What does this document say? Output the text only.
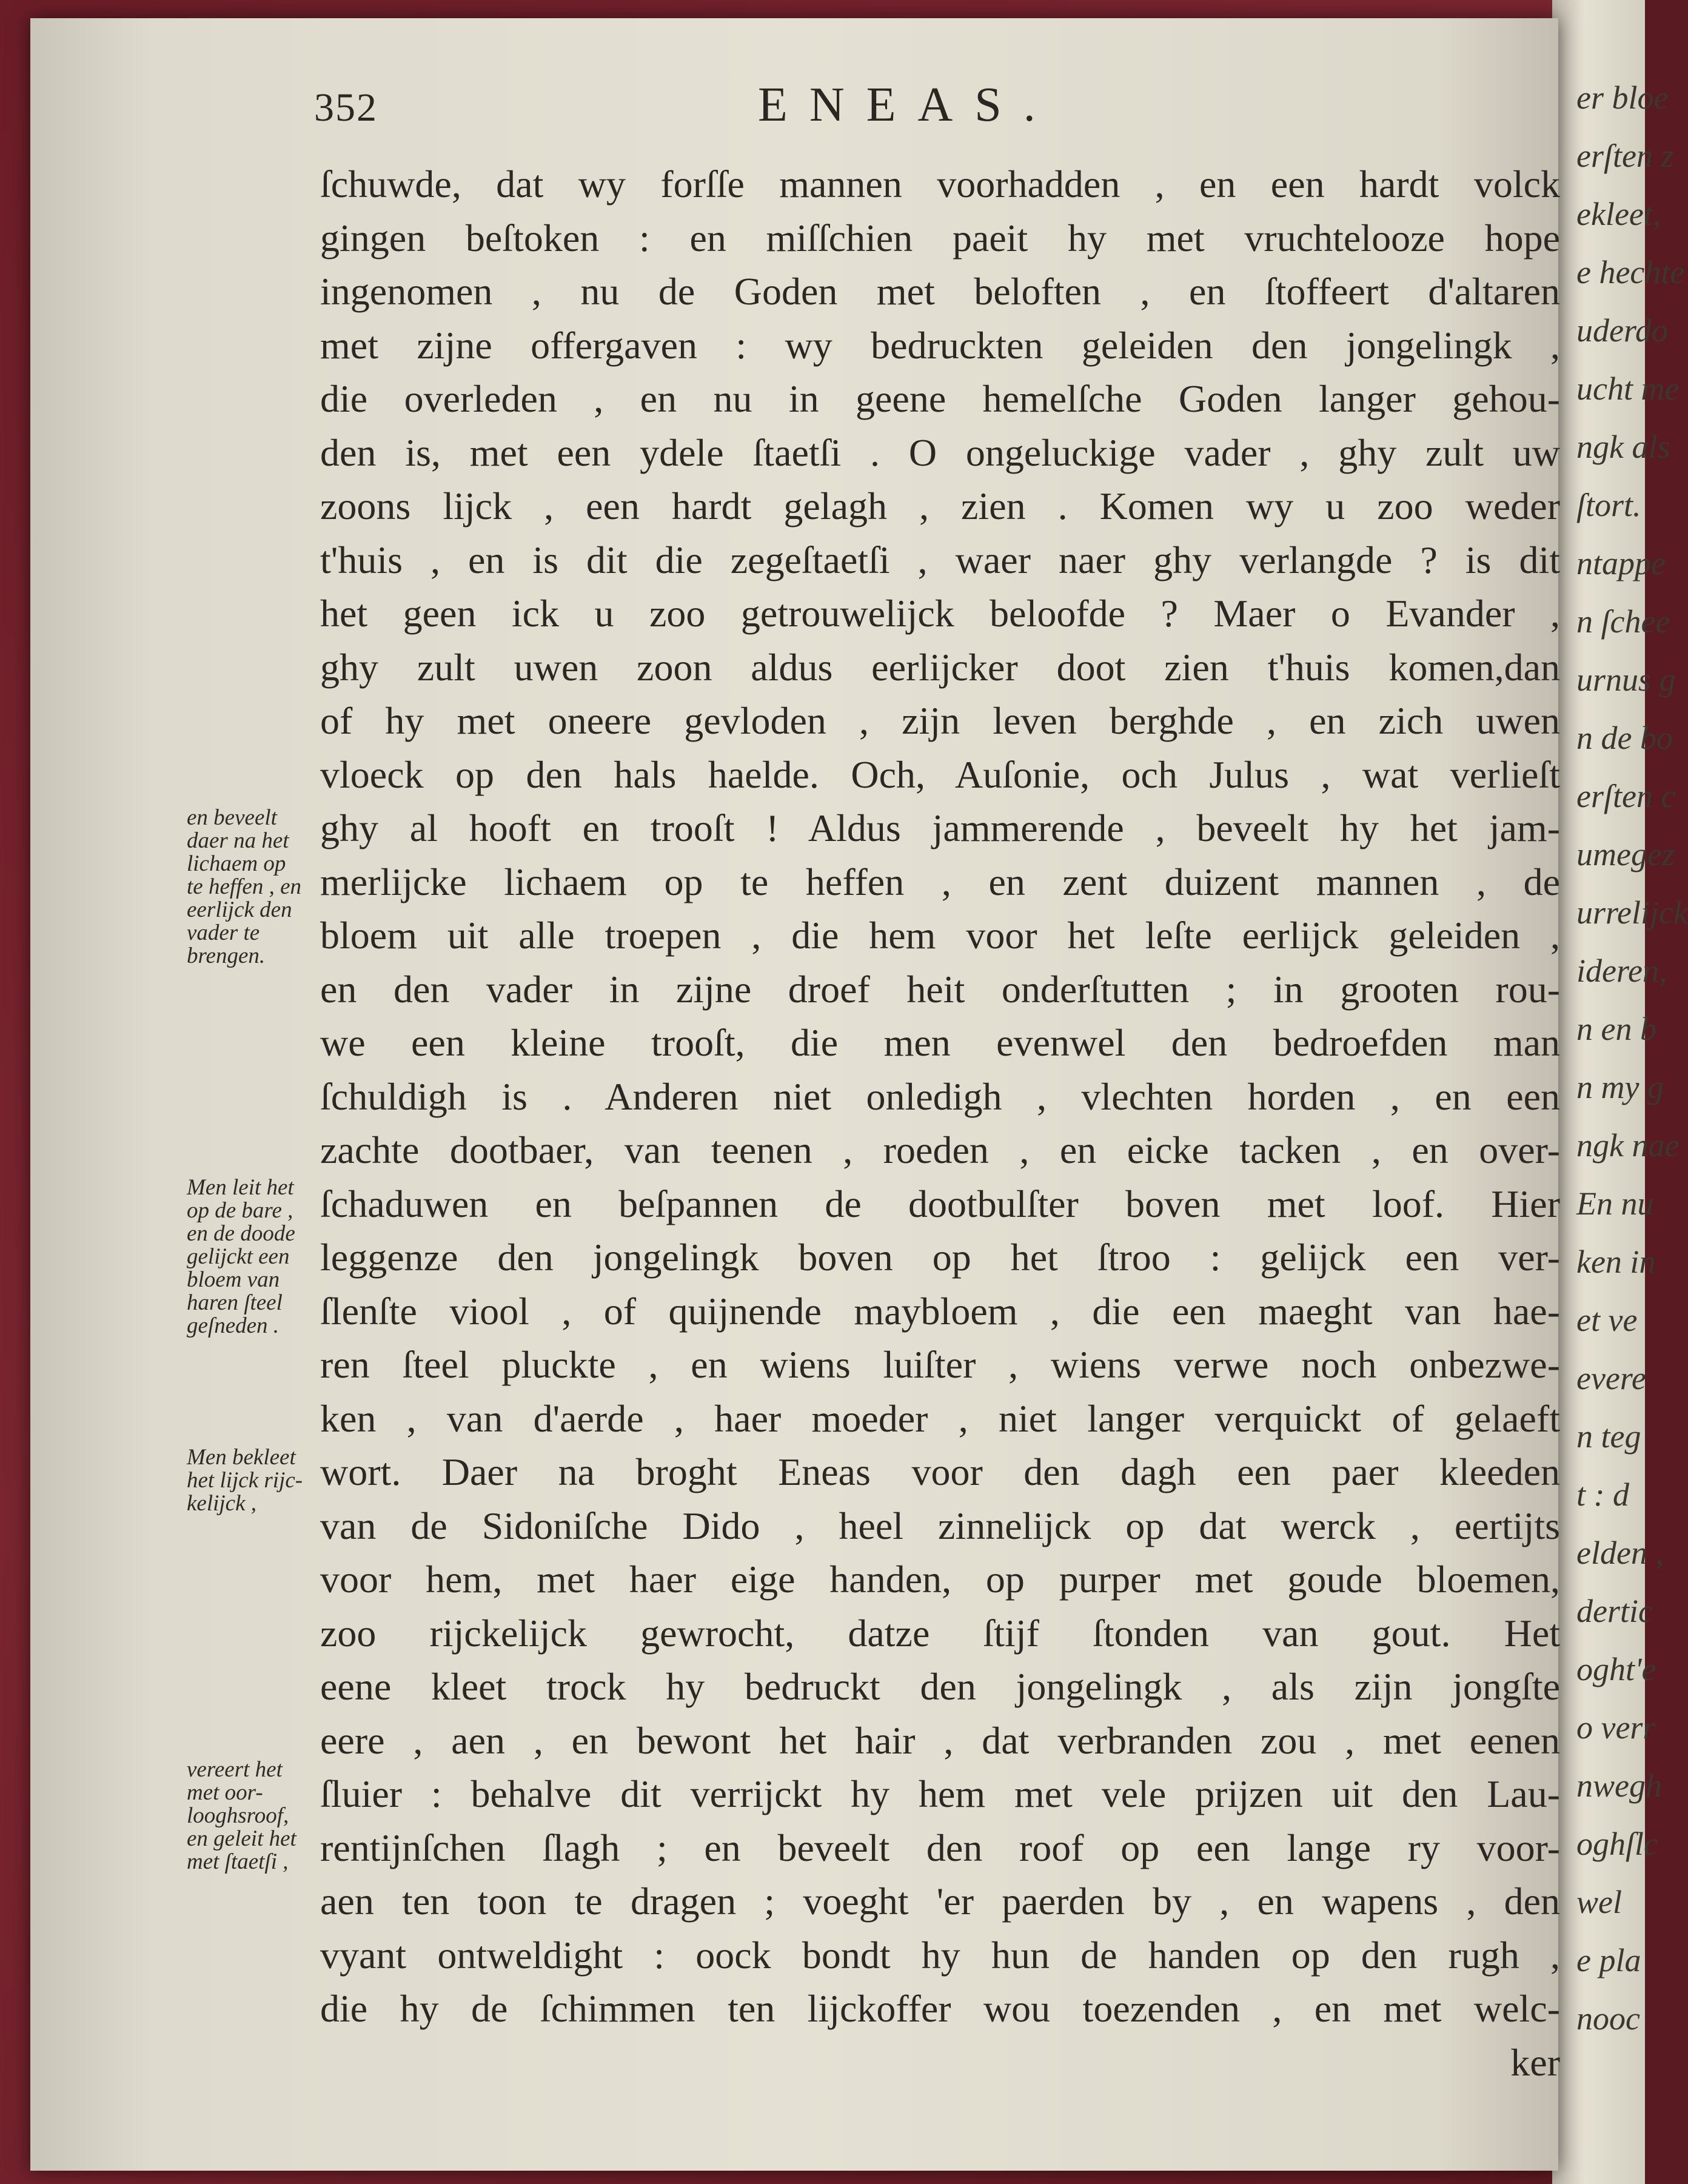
er bloe
erſten z
ekleet,
e hechte
uderdo
ucht me
ngk als
ſtort.
ntappe
n ſchee
urnus g
n de bo
erſten c
umegez
urrelijck
ideren,
n en b
n my g
ngk nae
En nu
ken in
et ve
evere
n teg
t : d
elden ,
dertic
oght'e
o verr
nwegh
oghſlc
wel
e pla
nooc
352	ENEAS.
ſchuwde, dat wy forſſe mannen voorhadden , en een hardt volck
gingen beſtoken : en miſſchien paeit hy met vruchteloozе hope
ingenomen , nu de Goden met beloften , en ſtoffeert d'altaren
met zijne offergaven : wy bedruckten geleiden den jongelingk ,
die overleden , en nu in geene hemelſche Goden langer gehou-
den is, met een ydele ſtaetſi . O ongeluckige vader , ghy zult uw
zoons lijck , een hardt gelagh , zien . Komen wy u zoo weder
t'huis , en is dit die zegeſtaetſi , waer naer ghy verlangde ? is dit
het geen ick u zoo getrouwelijck beloofde ? Maer o Evander ,
ghy zult uwen zoon aldus eerlijcker doot zien t'huis komen,dan
of hy met oneere gevloden , zijn leven berghde , en zich uwen
vloeck op den hals haelde. Och, Auſonie, och Julus , wat verlieſt
ghy al hooft en trooſt ! Aldus jammerende , beveelt hy het jam-
merlijcke lichaem op te heffen , en zent duizent mannen , de
bloem uit alle troepen , die hem voor het leſte eerlijck geleiden ,
en den vader in zijne droef heit onderſtutten ; in grooten rou-
we een kleine trooſt, die men evenwel den bedroefden man
ſchuldigh is . Anderen niet onledigh , vlechten horden , en een
zachte dootbaer, van teenen , roeden , en eicke tacken , en over-
ſchaduwen en beſpannen de dootbulſter boven met loof. Hier
leggenze den jongelingk boven op het ſtroo : gelijck een ver-
ſlenſte viool , of quijnende maybloem , die een maeght van hae-
ren ſteel pluckte , en wiens luiſter , wiens verwe noch onbezwe-
ken , van d'aerde , haer moeder , niet langer verquickt of gelaeft
wort. Daer na broght Eneas voor den dagh een paer kleeden
van de Sidoniſche Dido , heel zinnelijck op dat werck , eertijts
voor hem, met haer eige handen, op purper met goude bloemen,
zoo rijckelijck gewrocht, datze ſtijf ſtonden van gout. Het
eene kleet trock hy bedruckt den jongelingk , als zijn jongſte
eere , aen , en bewont het hair , dat verbranden zou , met eenen
ſluier : behalve dit verrijckt hy hem met vele prijzen uit den Lau-
rentijnſchen ſlagh ; en beveelt den roof op een lange ry voor-
aen ten toon te dragen ; voeght 'er paerden by , en wapens , den
vyant ontweldight : oock bondt hy hun de handen op den rugh ,
die hy de ſchimmen ten lijckoffer wou toezenden , en met welc-
ker
en beveelt
daer na het
lichaem op
te heffen , en
eerlijck den
vader te
brengen.
Men leit het
op de bare ,
en de doode
gelijckt een
bloem van
haren ſteel
geſneden .
Men bekleet
het lijck rijc-
kelijck ,
vereert het
met oor-
looghsroof,
en geleit het
met ſtaetſi ,
